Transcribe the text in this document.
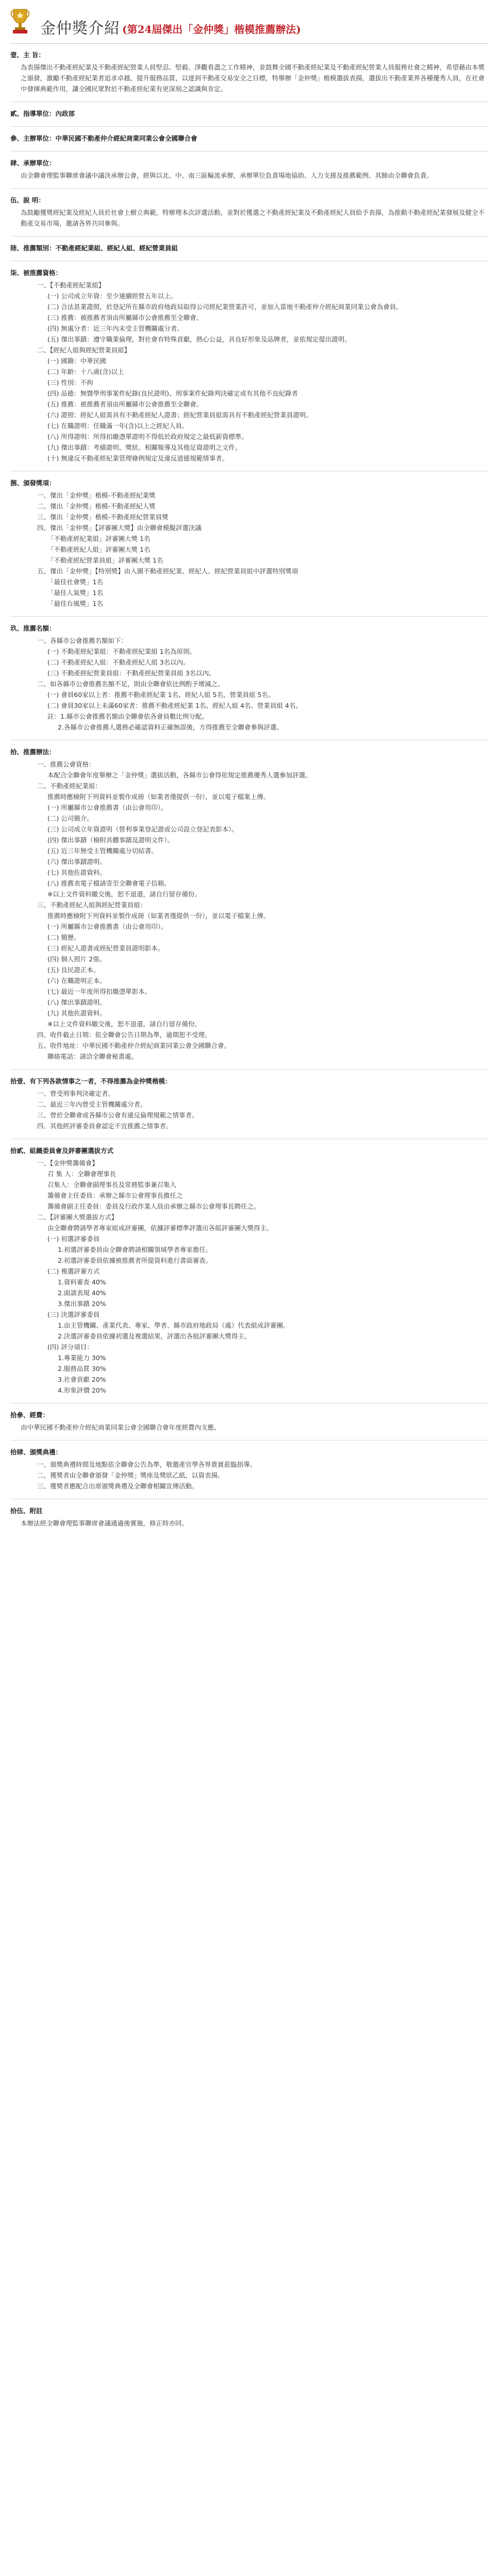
金仲獎介紹 (第24屆傑出「金仲獎」楷模推薦辦法)
壹、主 旨：
為表揚傑出不動產經紀業及不動產經紀營業人員堅忍、堅毅、淨觀看盡之工作精神，並鼓舞全國不動產經紀業及不動產經紀營業人員服務社會之精神，希望藉由本獎之頒發，激勵不動產經紀業者追求卓越，提升服務品質，以達到不動產交易安全之目標，特舉辦「金仲獎」楷模選拔表揚，選拔出不動產業界各種優秀人員，在社會中發揮典範作用，讓全國民眾對於不動產經紀業有更深刻之認識與肯定。
貳、指導單位：內政部
參、主辦單位：中華民國不動產仲介經紀商業同業公會全國聯合會
肆、承辦單位：
由全聯會理監事聯席會議中議決承辦公會，經與以北、中、南三區輪流承辦，承辦單位負責場地協助、人力支援及推薦範例、其餘由全聯會負責。
伍、說 明：
為鼓勵獲獎經紀業及經紀人員於社會上樹立典範，特辦理本次評選活動，並對於獲選之不動產經紀業及不動產經紀人員給予表揚，為推動不動產經紀業發展及健全不動產交易市場，邀請各界共同參與。
陸、推薦類別：不動產經紀業組、經紀人組、經紀營業員組
柒、被推薦資格：
一、【不動產經紀業組】
(一) 公司成立年資：至少連續經營五年以上。
(二) 合法甚業證照，於登記所在縣市政府地政局取得公司經紀業營業許可，並加入當地不動產仲介經紀商業同業公會為會員。
(三) 推薦：被推薦者須由所屬縣市公會推薦至全聯會。
(四) 無處分者：近三年內未受主管機關處分者。
(五) 傑出事蹟：遵守職業倫理，對社會有特殊貢獻，熱心公益，具良好形象及品牌者，並依規定提出證明。
二、【經紀人組與經紀營業員組】
(一) 國籍：中華民國
(二) 年齡：十八歲(含)以上
(三) 性別：不拘
(四) 品德：無暨學刑事案件紀錄(良民證明)、刑事案件紀錄判決確定或有其他不良紀錄者
(五) 推薦：被推薦者須由所屬縣市公會推薦至全聯會。
(六) 證照：經紀人組需具有不動產經紀人證書；經紀營業員組需具有不動產經紀營業員證明。
(七) 在職證明：任職滿一年(含)以上之經紀人員。
(八) 所得證明：所得扣繳憑單證明不得低於政府規定之最低薪資標準。
(九) 傑出事蹟：考績證明、獎狀、相關報導及其他足資證明之文件。
(十) 無違反不動產經紀業管理條例規定及違反道德規範情事者。
捌、頒發獎項：
一、傑出「金仲獎」楷模-不動產經紀業獎
二、傑出「金仲獎」楷模-不動產經紀人獎
三、傑出「金仲獎」楷模-不動產經紀營業員獎
四、傑出「金仲獎」【評審團大獎】由全聯會模擬評選決議
「不動產經紀業組」評審團大獎 1名
「不動產經紀人組」評審團大獎 1名
「不動產經紀營業員組」評審團大獎 1名
五、傑出「金仲獎」【特別獎】由入圍不動產經紀業、經紀人、經紀營業員組中評選特別獎項
「最佳社會獎」1名
「最佳人氣獎」1名
「最佳台風獎」1名
玖、推薦名額：
一、各縣市公會推薦名額如下：
(一) 不動產經紀業組：不動產經紀業組 1名為原則。
(二) 不動產經紀人組：不動產經紀人組 3名以內。
(三) 不動產經紀營業員組：不動產經紀營業員組 3名以內。
二、如各縣市公會推薦名額不足，則由全聯會依比例酌予增減之。
(一) 會員60家以上者：推薦不動產經紀業 1名、經紀人組 5名、營業員組 5名。
(二) 會員30家以上未滿60家者：推薦不動產經紀業 1名、經紀人組 4名、營業員組 4名。
註：1.縣市公會推薦名額由全聯會依各會員數比例分配。
2.各縣市公會推薦人選務必確認資料正確無誤後，方得推薦至全聯會參與評選。
拾、推薦辦法：
一、推薦公會資格：
本配合全聯會年度舉辦之「金仲獎」選拔活動，各縣市公會得依規定推薦優秀人選參加評選。
二、不動產經紀業組：
推薦時應檢附下列資料並製作成冊（如業者僅提供一份），並以電子檔案上傳。
(一) 所屬縣市公會推薦書（由公會用印）。
(二) 公司簡介。
(三) 公司成立年資證明（營利事業登記證或公司設立登記表影本）。
(四) 傑出事蹟（檢附具體事蹟及證明文件）。
(五) 近三年無受主管機關處分切結書。
(六) 傑出事蹟證明。
(七) 其他佐證資料。
(八) 推薦表電子檔請寄至全聯會電子信箱。
※以上文件資料繳交後，恕不退還，請自行留存備份。
三、不動產經紀人組與經紀營業員組：
推薦時應檢附下列資料並製作成冊（如業者僅提供一份），並以電子檔案上傳。
(一) 所屬縣市公會推薦書（由公會用印）。
(二) 簡歷。
(三) 經紀人證書或經紀營業員證明影本。
(四) 個人照片 2張。
(五) 良民證正本。
(六) 在職證明正本。
(七) 最近一年度所得扣繳憑單影本。
(八) 傑出事蹟證明。
(九) 其他佐證資料。
※以上文件資料繳交後，恕不退還，請自行留存備份。
四、收件截止日期：依全聯會公告日期為準，逾期恕不受理。
五、收件地址：中華民國不動產仲介經紀商業同業公會全國聯合會。
聯絡電話：請洽全聯會秘書處。
拾壹、有下列各款情事之一者，不得推薦為金仲獎楷模：
一、曾受刑事判決確定者。
二、最近三年內曾受主管機關處分者。
三、曾於全聯會或各縣市公會有違反倫理規範之情事者。
四、其他經評審委員會認定不宜推薦之情事者。
拾貳、組織委員會及評審團選拔方式
一、【金仲獎籌備會】
召 集 人：全聯會理事長
召集人：全聯會副理事長及常務監事兼召集人
籌備會主任委員：承辦之縣市公會理事長擔任之
籌備會副主任委員：委員及行政作業人員由承辦之縣市公會理事長聘任之。
二、【評審團大獎選拔方式】
由全聯會聘請學者專家組成評審團，依據評審標準評選出各組評審團大獎得主。
(一) 初選評審委員
1.初選評審委員由全聯會聘請相關領域學者專家擔任。
2.初選評審委員依據被推薦者所提資料進行書面審查。
(二) 複選評審方式
1.資料審查 40%
2.面談表現 40%
3.傑出事蹟 20%
(三) 決選評審委員
1.由主管機關、產業代表、專家、學者、縣市政府地政局（處）代表組成評審團。
2.決選評審委員依據初選及複選結果，評選出各組評審團大獎得主。
(四) 評分項目：
1.專業能力 30%
2.服務品質 30%
3.社會貢獻 20%
4.形象評價 20%
拾參、經費：
由中華民國不動產仲介經紀商業同業公會全國聯合會年度經費內支應。
拾肆、頒獎典禮：
一、頒獎典禮時間及地點依全聯會公告為準，敬邀產官學各界貴賓蒞臨指導。
二、獲獎者由全聯會頒發「金仲獎」獎座及獎狀乙紙，以資表揚。
三、獲獎者應配合出席頒獎典禮及全聯會相關宣傳活動。
拾伍、附註
本辦法經全聯會理監事聯席會議通過後實施，修正時亦同。
